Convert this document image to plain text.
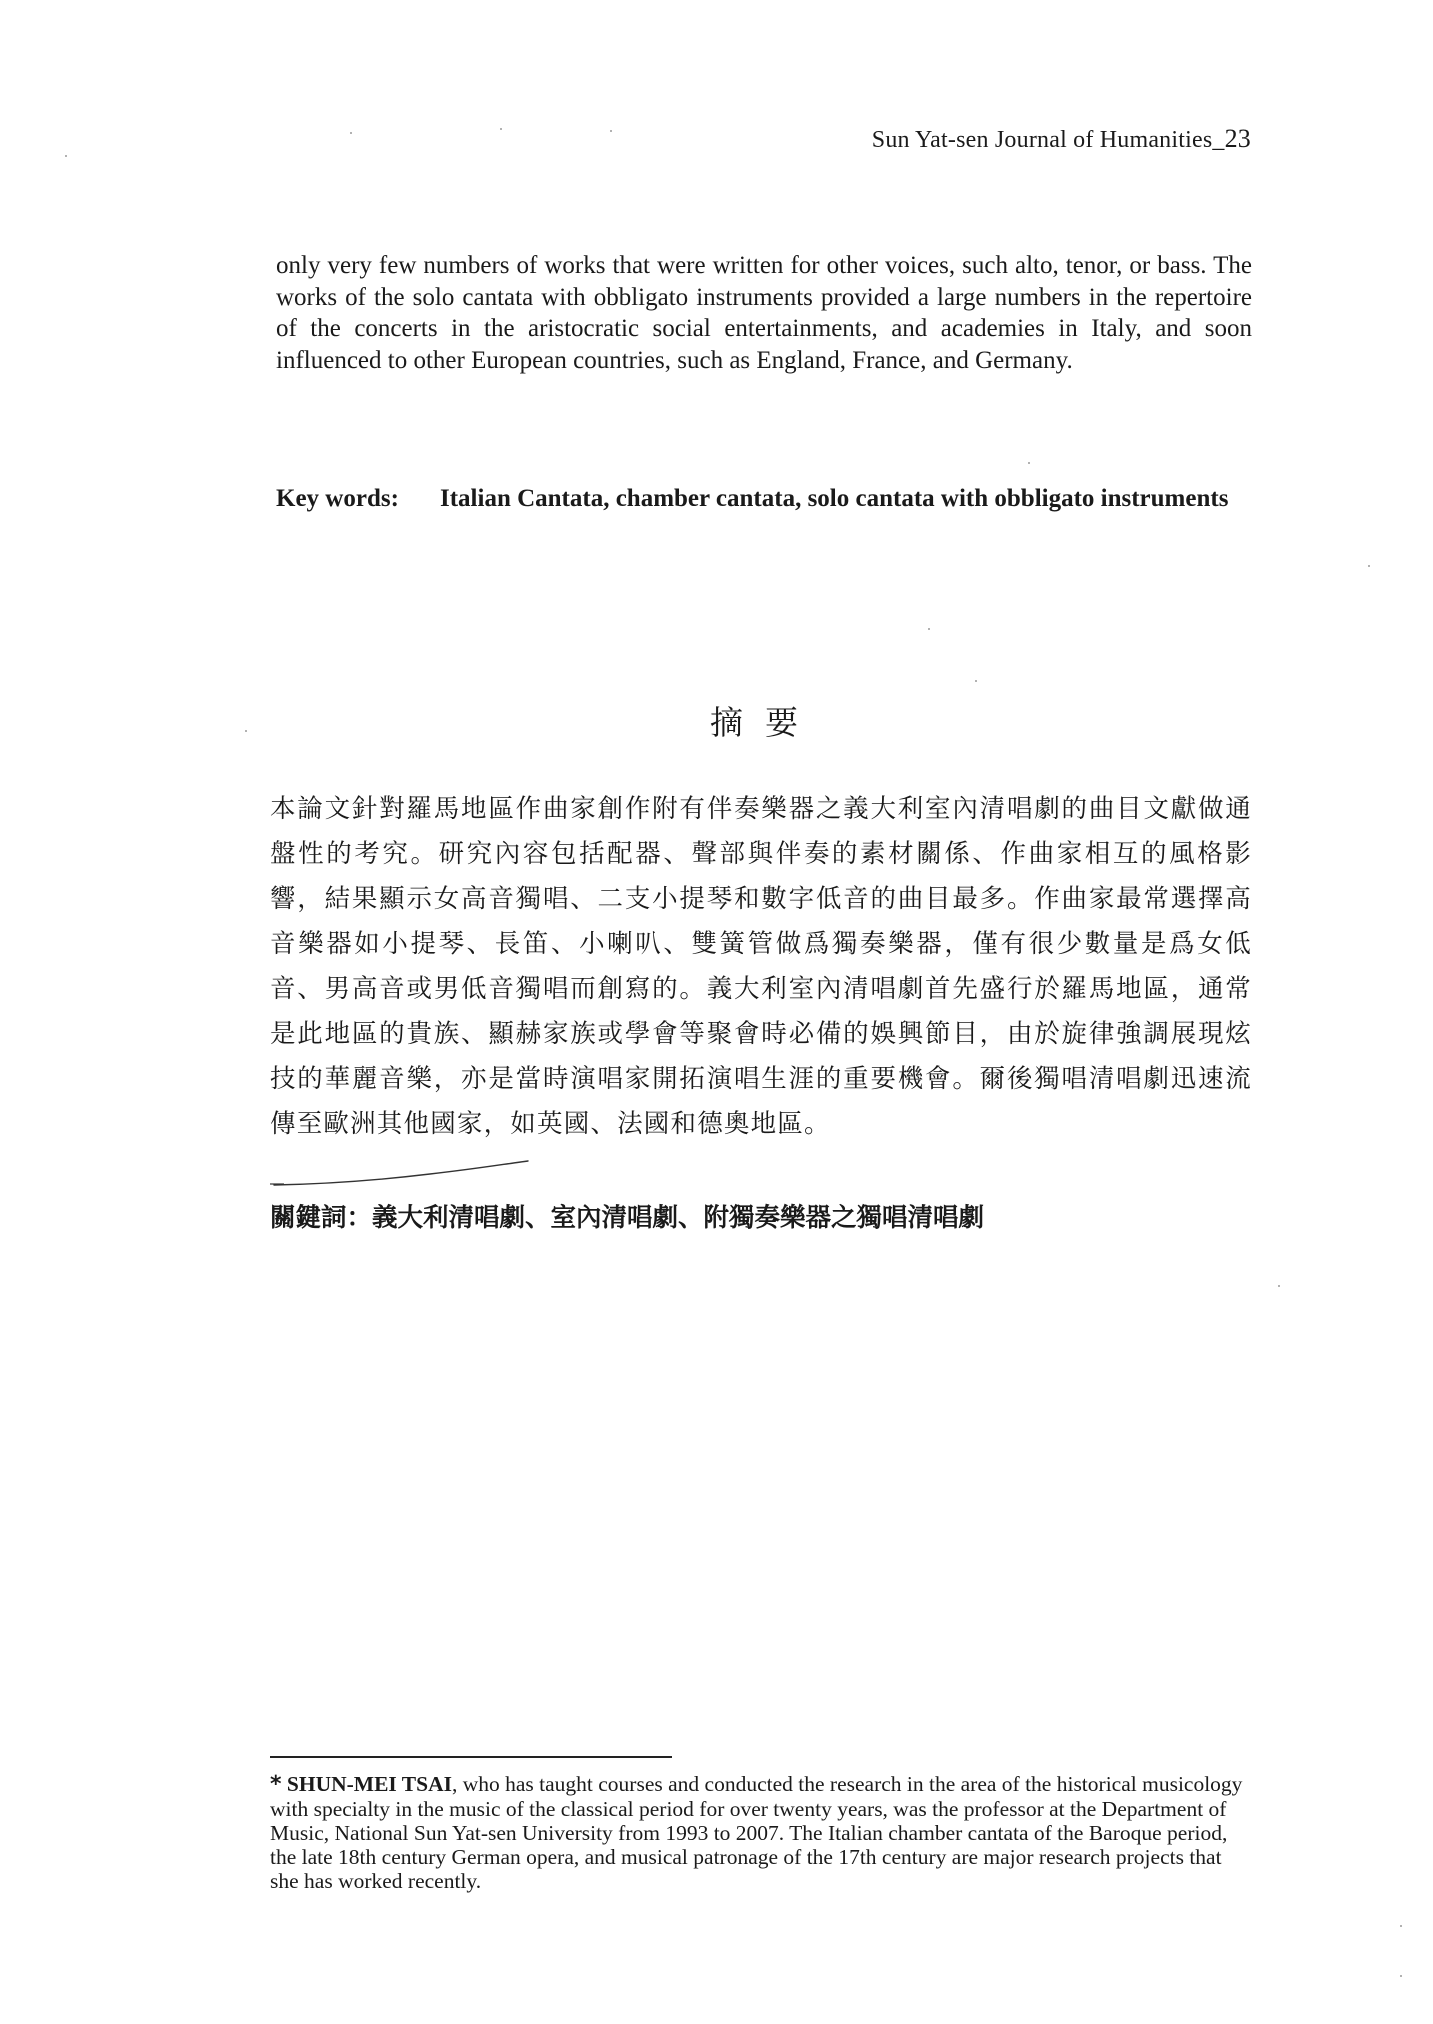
Sun Yat-sen Journal of Humanities_23
only very few numbers of works that were written for other voices, such alto, tenor, or bass. The works of the solo cantata with obbligato instruments provided a large numbers in the repertoire of the concerts in the aristocratic social entertainments, and academies in Italy, and soon influenced to other European countries, such as England, France, and Germany.
Key words:	Italian Cantata, chamber cantata, solo cantata with obbligato instruments
摘要
本論文針對羅馬地區作曲家創作附有伴奏樂器之義大利室內清唱劇的曲目文獻做通盤性的考究。研究內容包括配器、聲部與伴奏的素材關係、作曲家相互的風格影響，結果顯示女高音獨唱、二支小提琴和數字低音的曲目最多。作曲家最常選擇高音樂器如小提琴、長笛、小喇叭、雙簧管做爲獨奏樂器，僅有很少數量是爲女低音、男高音或男低音獨唱而創寫的。義大利室內清唱劇首先盛行於羅馬地區，通常是此地區的貴族、顯赫家族或學會等聚會時必備的娛興節目，由於旋律強調展現炫技的華麗音樂，亦是當時演唱家開拓演唱生涯的重要機會。爾後獨唱清唱劇迅速流傳至歐洲其他國家，如英國、法國和德奧地區。
關鍵詞：義大利清唱劇、室內清唱劇、附獨奏樂器之獨唱清唱劇
* SHUN-MEI TSAI, who has taught courses and conducted the research in the area of the historical musicology with specialty in the music of the classical period for over twenty years, was the professor at the Department of Music, National Sun Yat-sen University from 1993 to 2007. The Italian chamber cantata of the Baroque period, the late 18th century German opera, and musical patronage of the 17th century are major research projects that she has worked recently.
